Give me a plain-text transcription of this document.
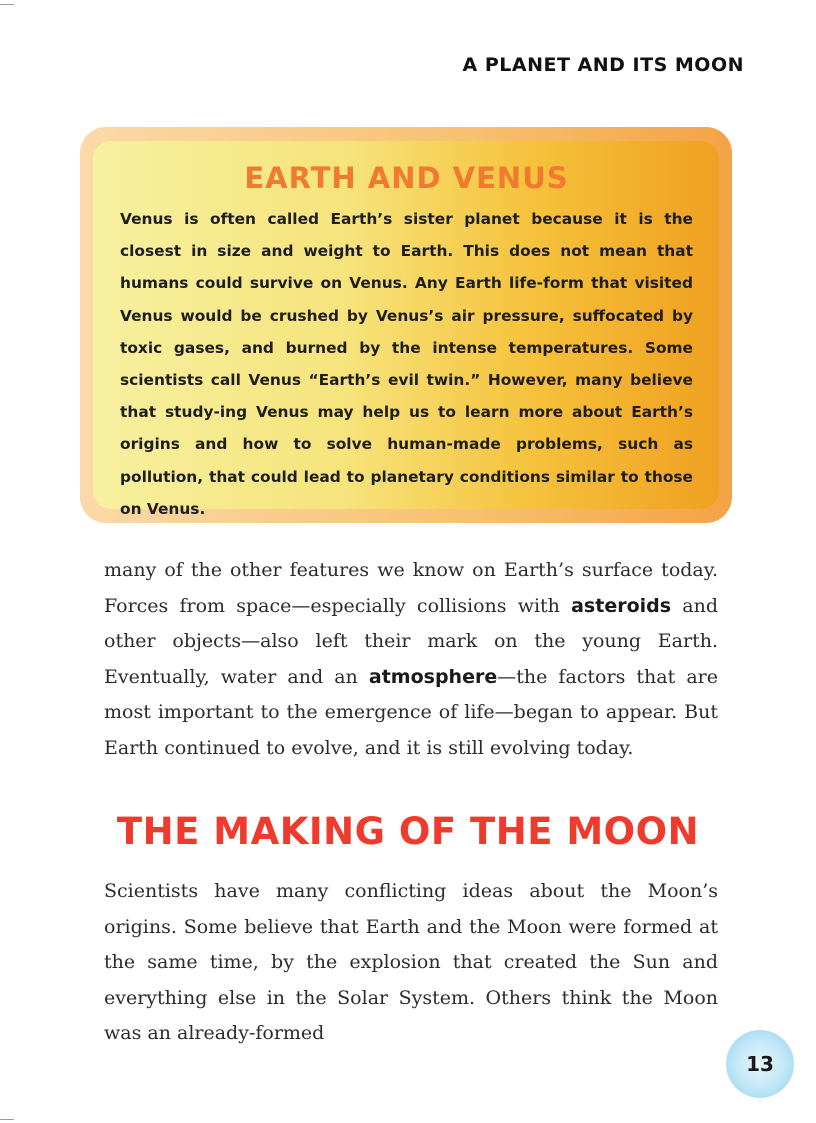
A PLANET AND ITS MOON
EARTH AND VENUS

Venus is often called Earth’s sister planet because it is the closest in size and weight to Earth. This does not mean that humans could survive on Venus. Any Earth life-form that visited Venus would be crushed by Venus’s air pressure, suffocated by toxic gases, and burned by the intense temperatures. Some scientists call Venus “Earth’s evil twin.” However, many believe that study-ing Venus may help us to learn more about Earth’s origins and how to solve human-made problems, such as pollution, that could lead to planetary conditions similar to those on Venus.

many of the other features we know on Earth’s surface today. Forces from space—especially collisions with asteroids and other objects—also left their mark on the young Earth. Eventually, water and an atmosphere—the factors that are most important to the emergence of life—began to appear. But Earth continued to evolve, and it is still evolving today.

THE MAKING OF THE MOON

Scientists have many conflicting ideas about the Moon’s origins. Some believe that Earth and the Moon were formed at the same time, by the explosion that created the Sun and everything else in the Solar System. Others think the Moon was an already-formed

13
